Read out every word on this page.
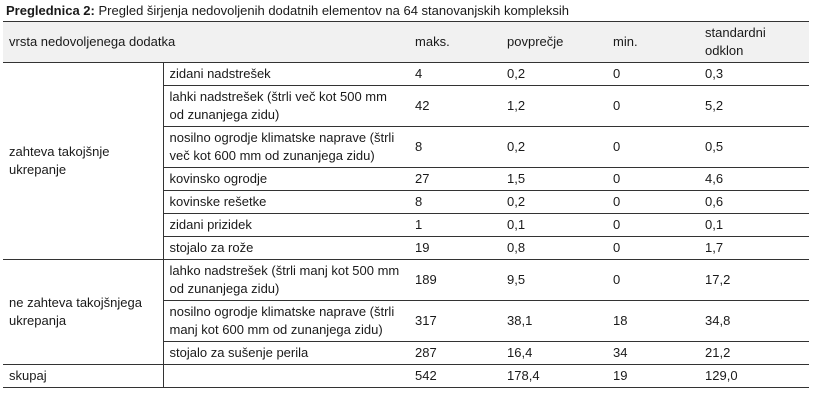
Preglednica 2: Pregled širjenja nedovoljenih dodatnih elementov na 64 stanovanjskih kompleksih
vrsta nedovoljenega dodatka		maks.	povprečje	min.	standardni odklon
zahteva takojšnje ukrepanje	zidani nadstrešek	4	0,2	0	0,3
	lahki nadstrešek (štrli več kot 500 mm od zunanjega zidu)	42	1,2	0	5,2
	nosilno ogrodje klimatske naprave (štrli več kot 600 mm od zunanjega zidu)	8	0,2	0	0,5
	kovinsko ogrodje	27	1,5	0	4,6
	kovinske rešetke	8	0,2	0	0,6
	zidani prizidek	1	0,1	0	0,1
	stojalo za rože	19	0,8	0	1,7
ne zahteva takojšnjega ukrepanja	lahko nadstrešek (štrli manj kot 500 mm od zunanjega zidu)	189	9,5	0	17,2
	nosilno ogrodje klimatske naprave (štrli manj kot 600 mm od zunanjega zidu)	317	38,1	18	34,8
	stojalo za sušenje perila	287	16,4	34	21,2
skupaj		542	178,4	19	129,0
